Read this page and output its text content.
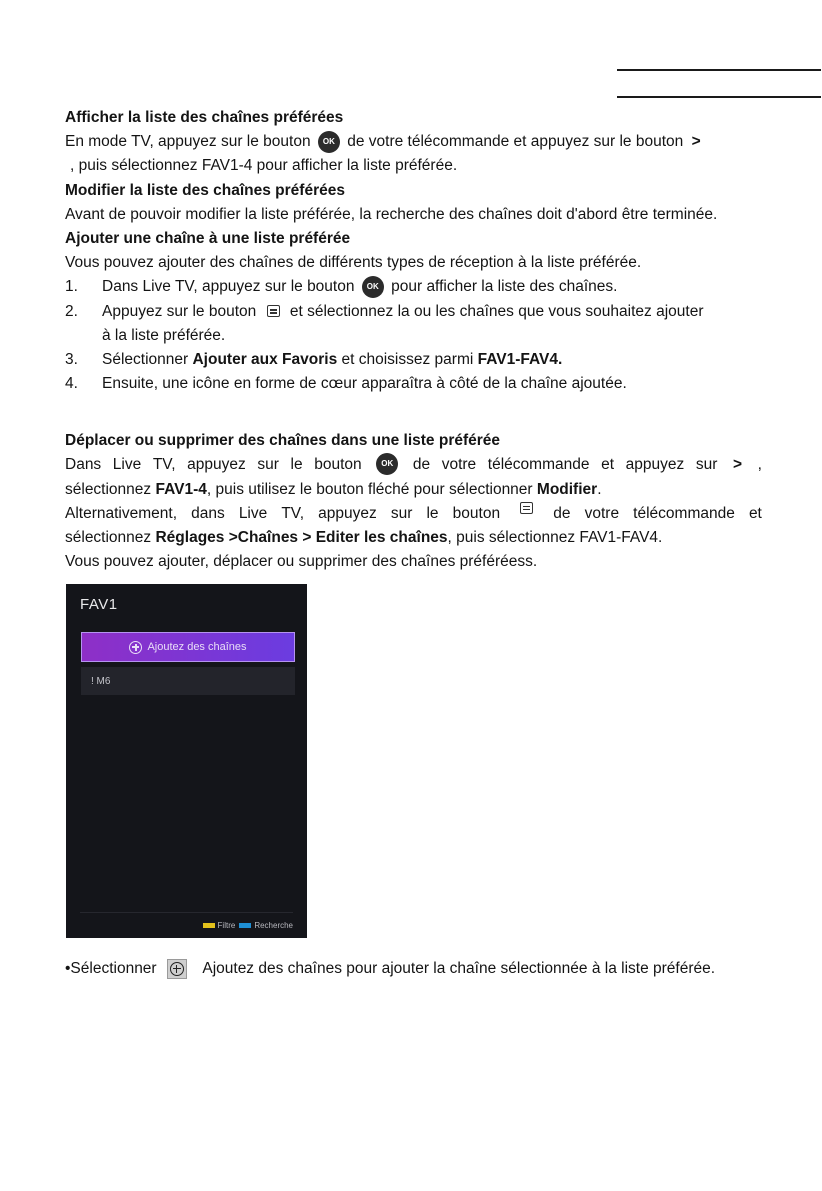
Afficher la liste des chaînes préférées
En mode TV, appuyez sur le bouton OK de votre télécommande et appuyez sur le bouton >
, puis sélectionnez FAV1-4 pour afficher la liste préférée.
Modifier la liste des chaînes préférées
Avant de pouvoir modifier la liste préférée, la recherche des chaînes doit d'abord être terminée.
Ajouter une chaîne à une liste préférée
Vous pouvez ajouter des chaînes de différents types de réception à la liste préférée.
1.	Dans Live TV, appuyez sur le bouton OK pour afficher la liste des chaînes.
2.	Appuyez sur le bouton et sélectionnez la ou les chaînes que vous souhaitez ajouter
à la liste préférée.
3.	Sélectionner Ajouter aux Favoris et choisissez parmi FAV1-FAV4.
4.	Ensuite, une icône en forme de cœur apparaîtra à côté de la chaîne ajoutée.
Déplacer ou supprimer des chaînes dans une liste préférée
Dans Live TV, appuyez sur le bouton	OK	de votre télécommande et appuyez sur > ,
sélectionnez FAV1-4, puis utilisez le bouton fléché pour sélectionner Modifier.
Alternativement, dans Live TV, appuyez sur le bouton	de votre télécommande et
sélectionnez Réglages >Chaînes > Editer les chaînes, puis sélectionnez FAV1-FAV4.
Vous pouvez ajouter, déplacer ou supprimer des chaînes préféréess.
FAV1
Ajoutez des chaînes
! M6
Filtre Recherche
•Sélectionner	Ajoutez des chaînes pour ajouter la chaîne sélectionnée à la liste préférée.
